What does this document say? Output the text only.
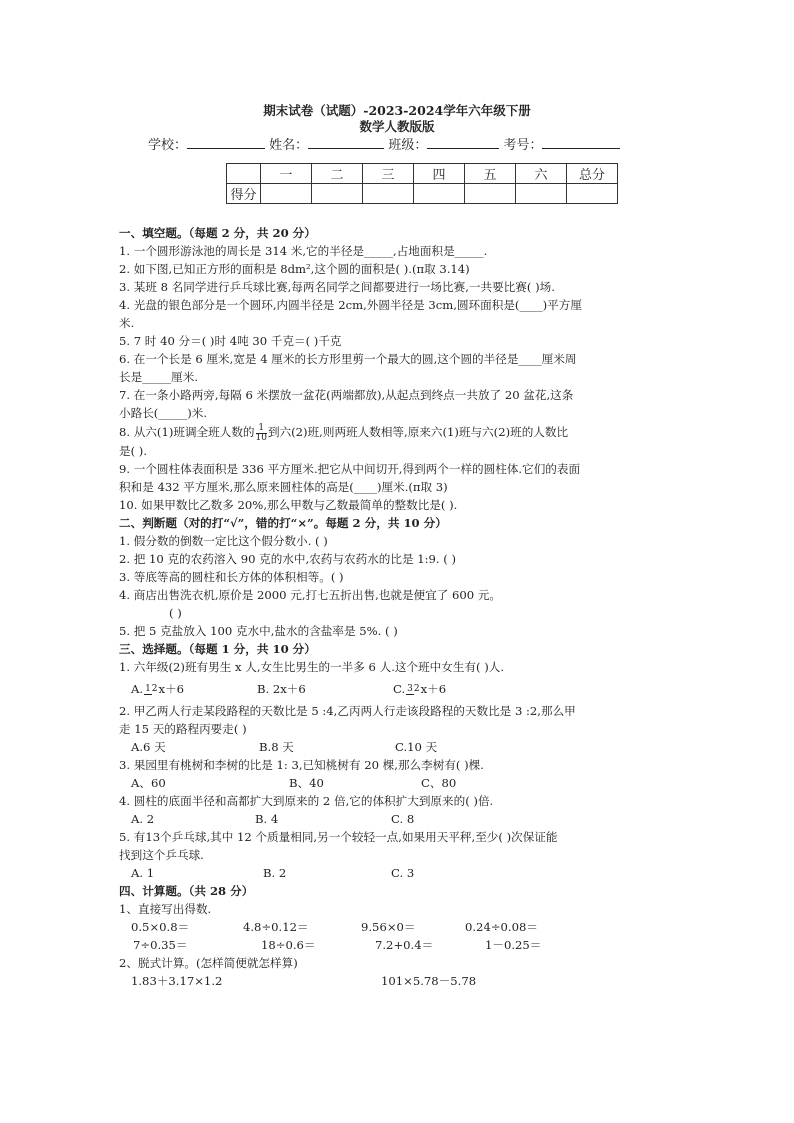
期末试卷（试题）-2023-2024学年六年级下册
数学人教版版
学校：	姓名：	班级：	考号：
	一	二	三	四	五	六	总分
得分							

一、填空题。（每题 2 分，共 20 分）

1. 一个圆形游泳池的周长是 314 米,它的半径是_____,占地面积是_____.

2. 如下图,已知正方形的面积是 8dm²,这个圆的面积是( ).(π取 3.14)

3. 某班 8 名同学进行乒乓球比赛,每两名同学之间都要进行一场比赛,一共要比赛( )场.

4. 光盘的银色部分是一个圆环,内圆半径是 2cm,外圆半径是 3cm,圆环面积是(____)平方厘

米.

5. 7 时 40 分＝( )时 4吨 30 千克＝( )千克

6. 在一个长是 6 厘米,宽是 4 厘米的长方形里剪一个最大的圆,这个圆的半径是____厘米周

长是_____厘米.

7. 在一条小路两旁,每隔 6 米摆放一盆花(两端都放),从起点到终点一共放了 20 盆花,这条

小路长(_____)米.

8. 从六(1)班调全班人数的 $\frac{1}{10}$ 到六(2)班,则两班人数相等,原来六(1)班与六(2)班的人数比

是( ).

9. 一个圆柱体表面积是 336 平方厘米.把它从中间切开,得到两个一样的圆柱体.它们的表面

积和是 432 平方厘米,那么原来圆柱体的高是(____)厘米.(π取 3)

10. 如果甲数比乙数多 20%,那么甲数与乙数最简单的整数比是( ).

二、判断题（对的打“√”，错的打“×”。每题 2 分，共 10 分）

1. 假分数的倒数一定比这个假分数小. ( )

2. 把 10 克的农药溶入 90 克的水中,农药与农药水的比是 1:9. ( )

3. 等底等高的圆柱和长方体的体积相等。( )

4. 商店出售洗衣机,原价是 2000 元,打七五折出售,也就是便宜了 600 元。

( )

5. 把 5 克盐放入 100 克水中,盐水的含盐率是 5%. ( )

三、选择题。（每题 1 分，共 10 分）

1. 六年级(2)班有男生 x 人,女生比男生的一半多 6 人.这个班中女生有( )人.

A. 12x＋6	B. 2x＋6	C. 32x＋6

2. 甲乙两人行走某段路程的天数比是 5 :4,乙丙两人行走该段路程的天数比是 3 :2,那么甲

走 15 天的路程丙要走( )

A.6 天	B.8 天	C.10 天

3. 果园里有桃树和李树的比是 1: 3,已知桃树有 20 棵,那么李树有( )棵.

A、60	B、40	C、80

4. 圆柱的底面半径和高都扩大到原来的 2 倍,它的体积扩大到原来的( )倍.

A. 2	B. 4	C. 8

5. 有13个乒乓球,其中 12 个质量相同,另一个较轻一点,如果用天平秤,至少( )次保证能

找到这个乒乓球.

A. 1	B. 2	C. 3

四、计算题。（共 28 分）

1、直接写出得数.

0.5×0.8＝	4.8÷0.12＝	9.56×0＝	0.24÷0.08＝

7÷0.35＝	18÷0.6＝	7.2+0.4＝	1－0.25＝

2、脱式计算。(怎样简便就怎样算)

1.83＋3.17×1.2	101×5.78－5.78
